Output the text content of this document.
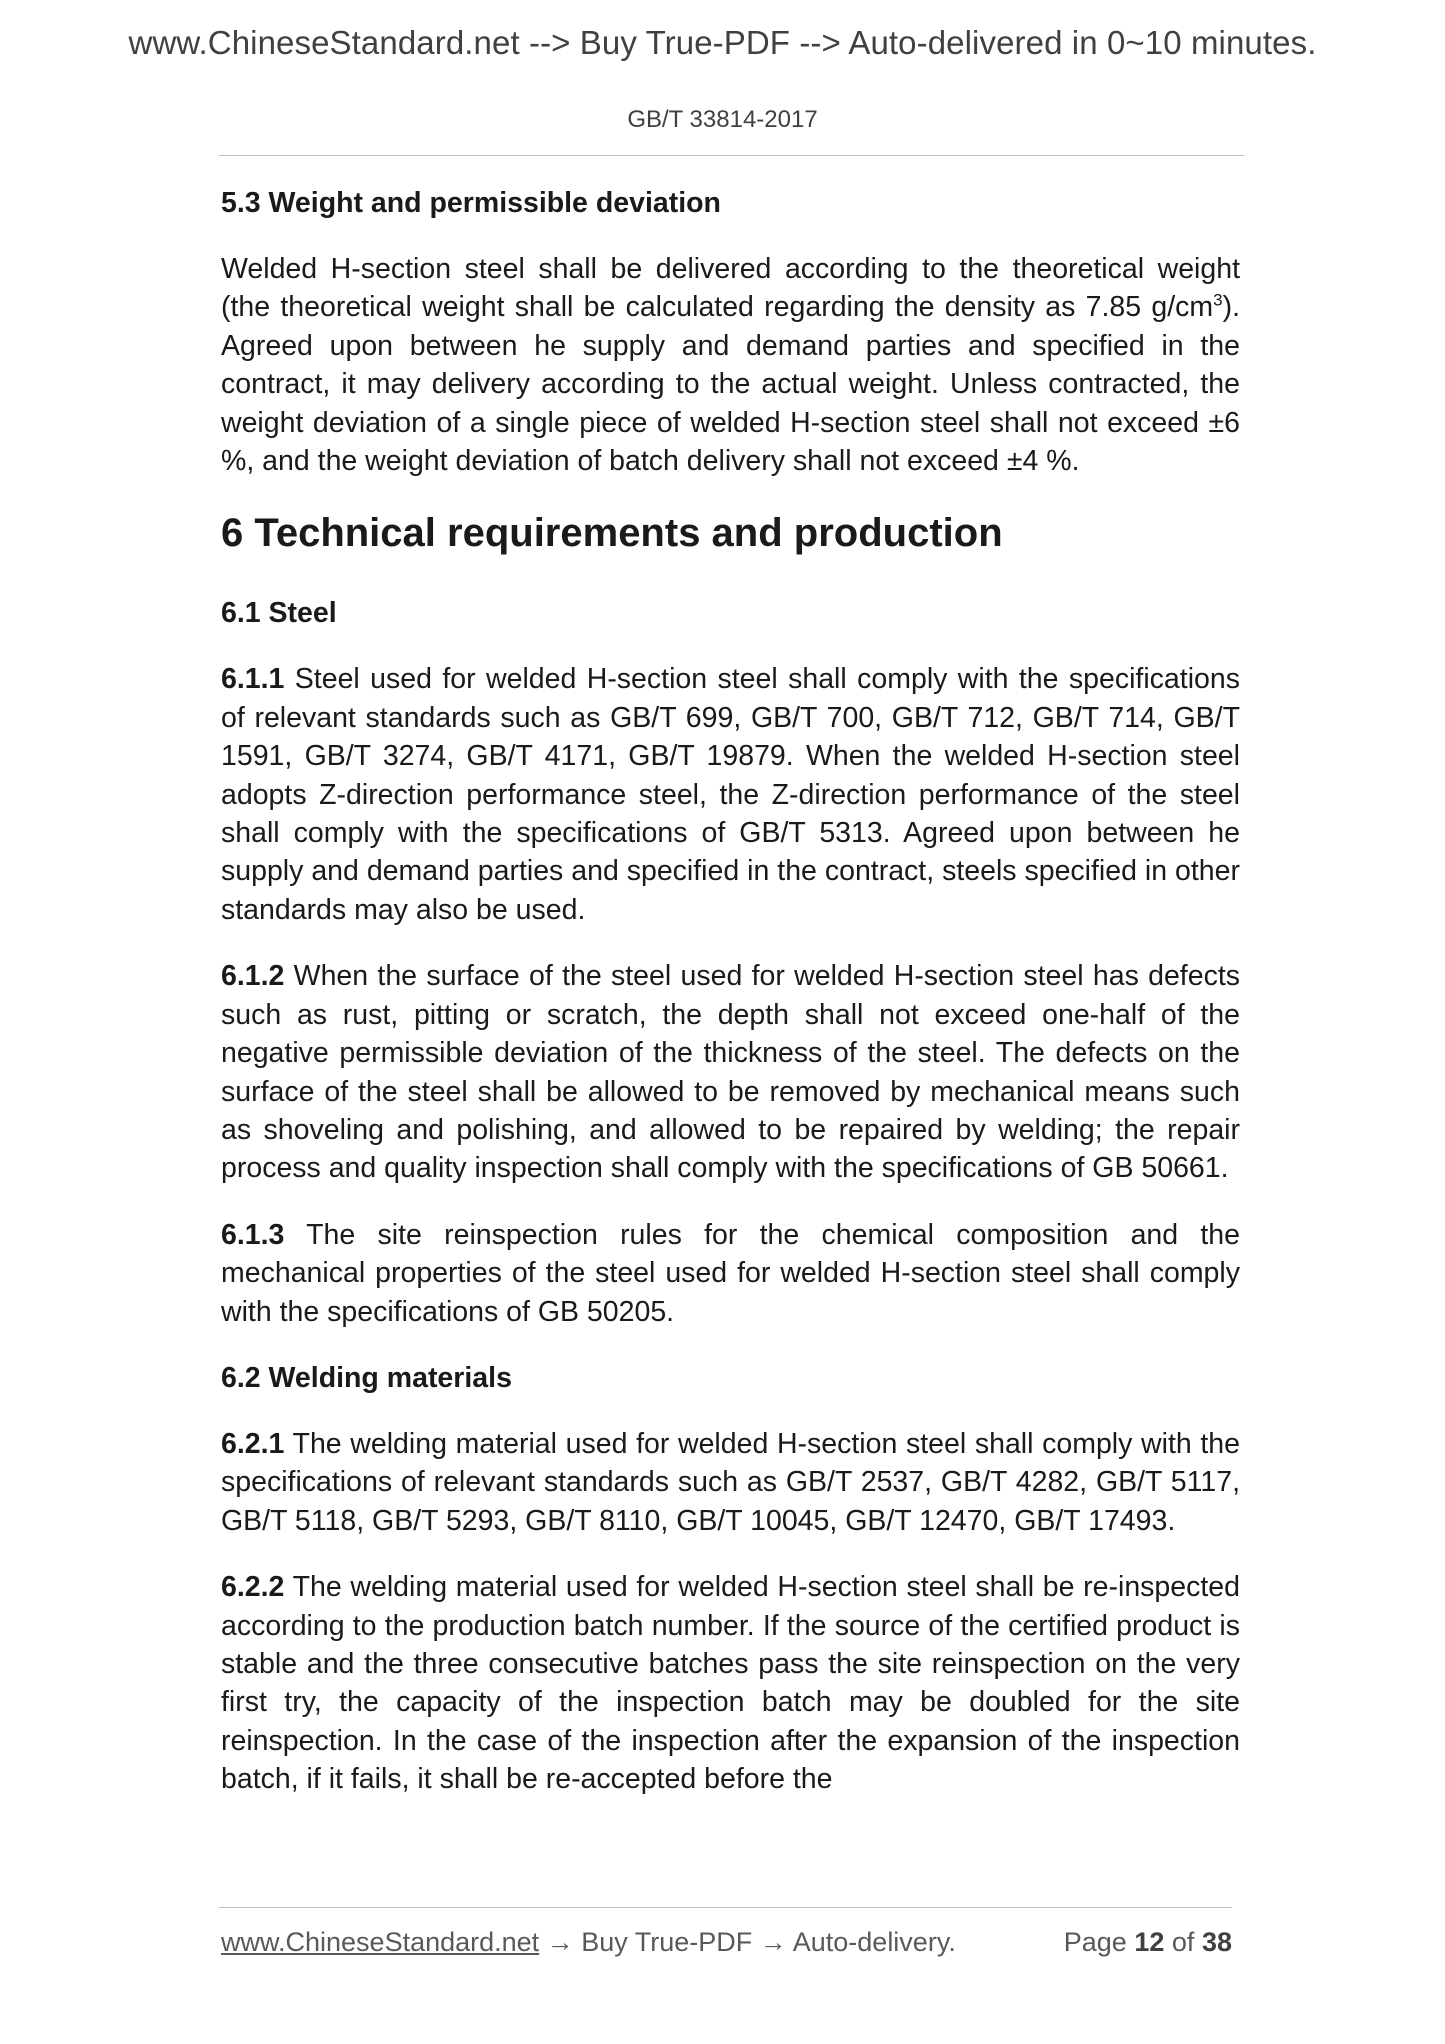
www.ChineseStandard.net --> Buy True-PDF --> Auto-delivered in 0~10 minutes.
GB/T 33814-2017
5.3 Weight and permissible deviation

Welded H-section steel shall be delivered according to the theoretical weight (the theoretical weight shall be calculated regarding the density as 7.85 $g/cm^3$). Agreed upon between he supply and demand parties and specified in the contract, it may delivery according to the actual weight. Unless contracted, the weight deviation of a single piece of welded H-section steel shall not exceed ±6 %, and the weight deviation of batch delivery shall not exceed ±4 %.

6 Technical requirements and production
6.1 Steel

6.1.1 Steel used for welded H-section steel shall comply with the specifications of relevant standards such as GB/T 699, GB/T 700, GB/T 712, GB/T 714, GB/T 1591, GB/T 3274, GB/T 4171, GB/T 19879. When the welded H-section steel adopts Z-direction performance steel, the Z-direction performance of the steel shall comply with the specifications of GB/T 5313. Agreed upon between he supply and demand parties and specified in the contract, steels specified in other standards may also be used.

6.1.2 When the surface of the steel used for welded H-section steel has defects such as rust, pitting or scratch, the depth shall not exceed one-half of the negative permissible deviation of the thickness of the steel. The defects on the surface of the steel shall be allowed to be removed by mechanical means such as shoveling and polishing, and allowed to be repaired by welding; the repair process and quality inspection shall comply with the specifications of GB 50661.

6.1.3 The site reinspection rules for the chemical composition and the mechanical properties of the steel used for welded H-section steel shall comply with the specifications of GB 50205.

6.2 Welding materials

6.2.1 The welding material used for welded H-section steel shall comply with the specifications of relevant standards such as GB/T 2537, GB/T 4282, GB/T 5117, GB/T 5118, GB/T 5293, GB/T 8110, GB/T 10045, GB/T 12470, GB/T 17493.

6.2.2 The welding material used for welded H-section steel shall be re-inspected according to the production batch number. If the source of the certified product is stable and the three consecutive batches pass the site reinspection on the very first try, the capacity of the inspection batch may be doubled for the site reinspection. In the case of the inspection after the expansion of the inspection batch, if it fails, it shall be re-accepted before the

www.ChineseStandard.net → Buy True-PDF → Auto-delivery.	Page 12 of 38
